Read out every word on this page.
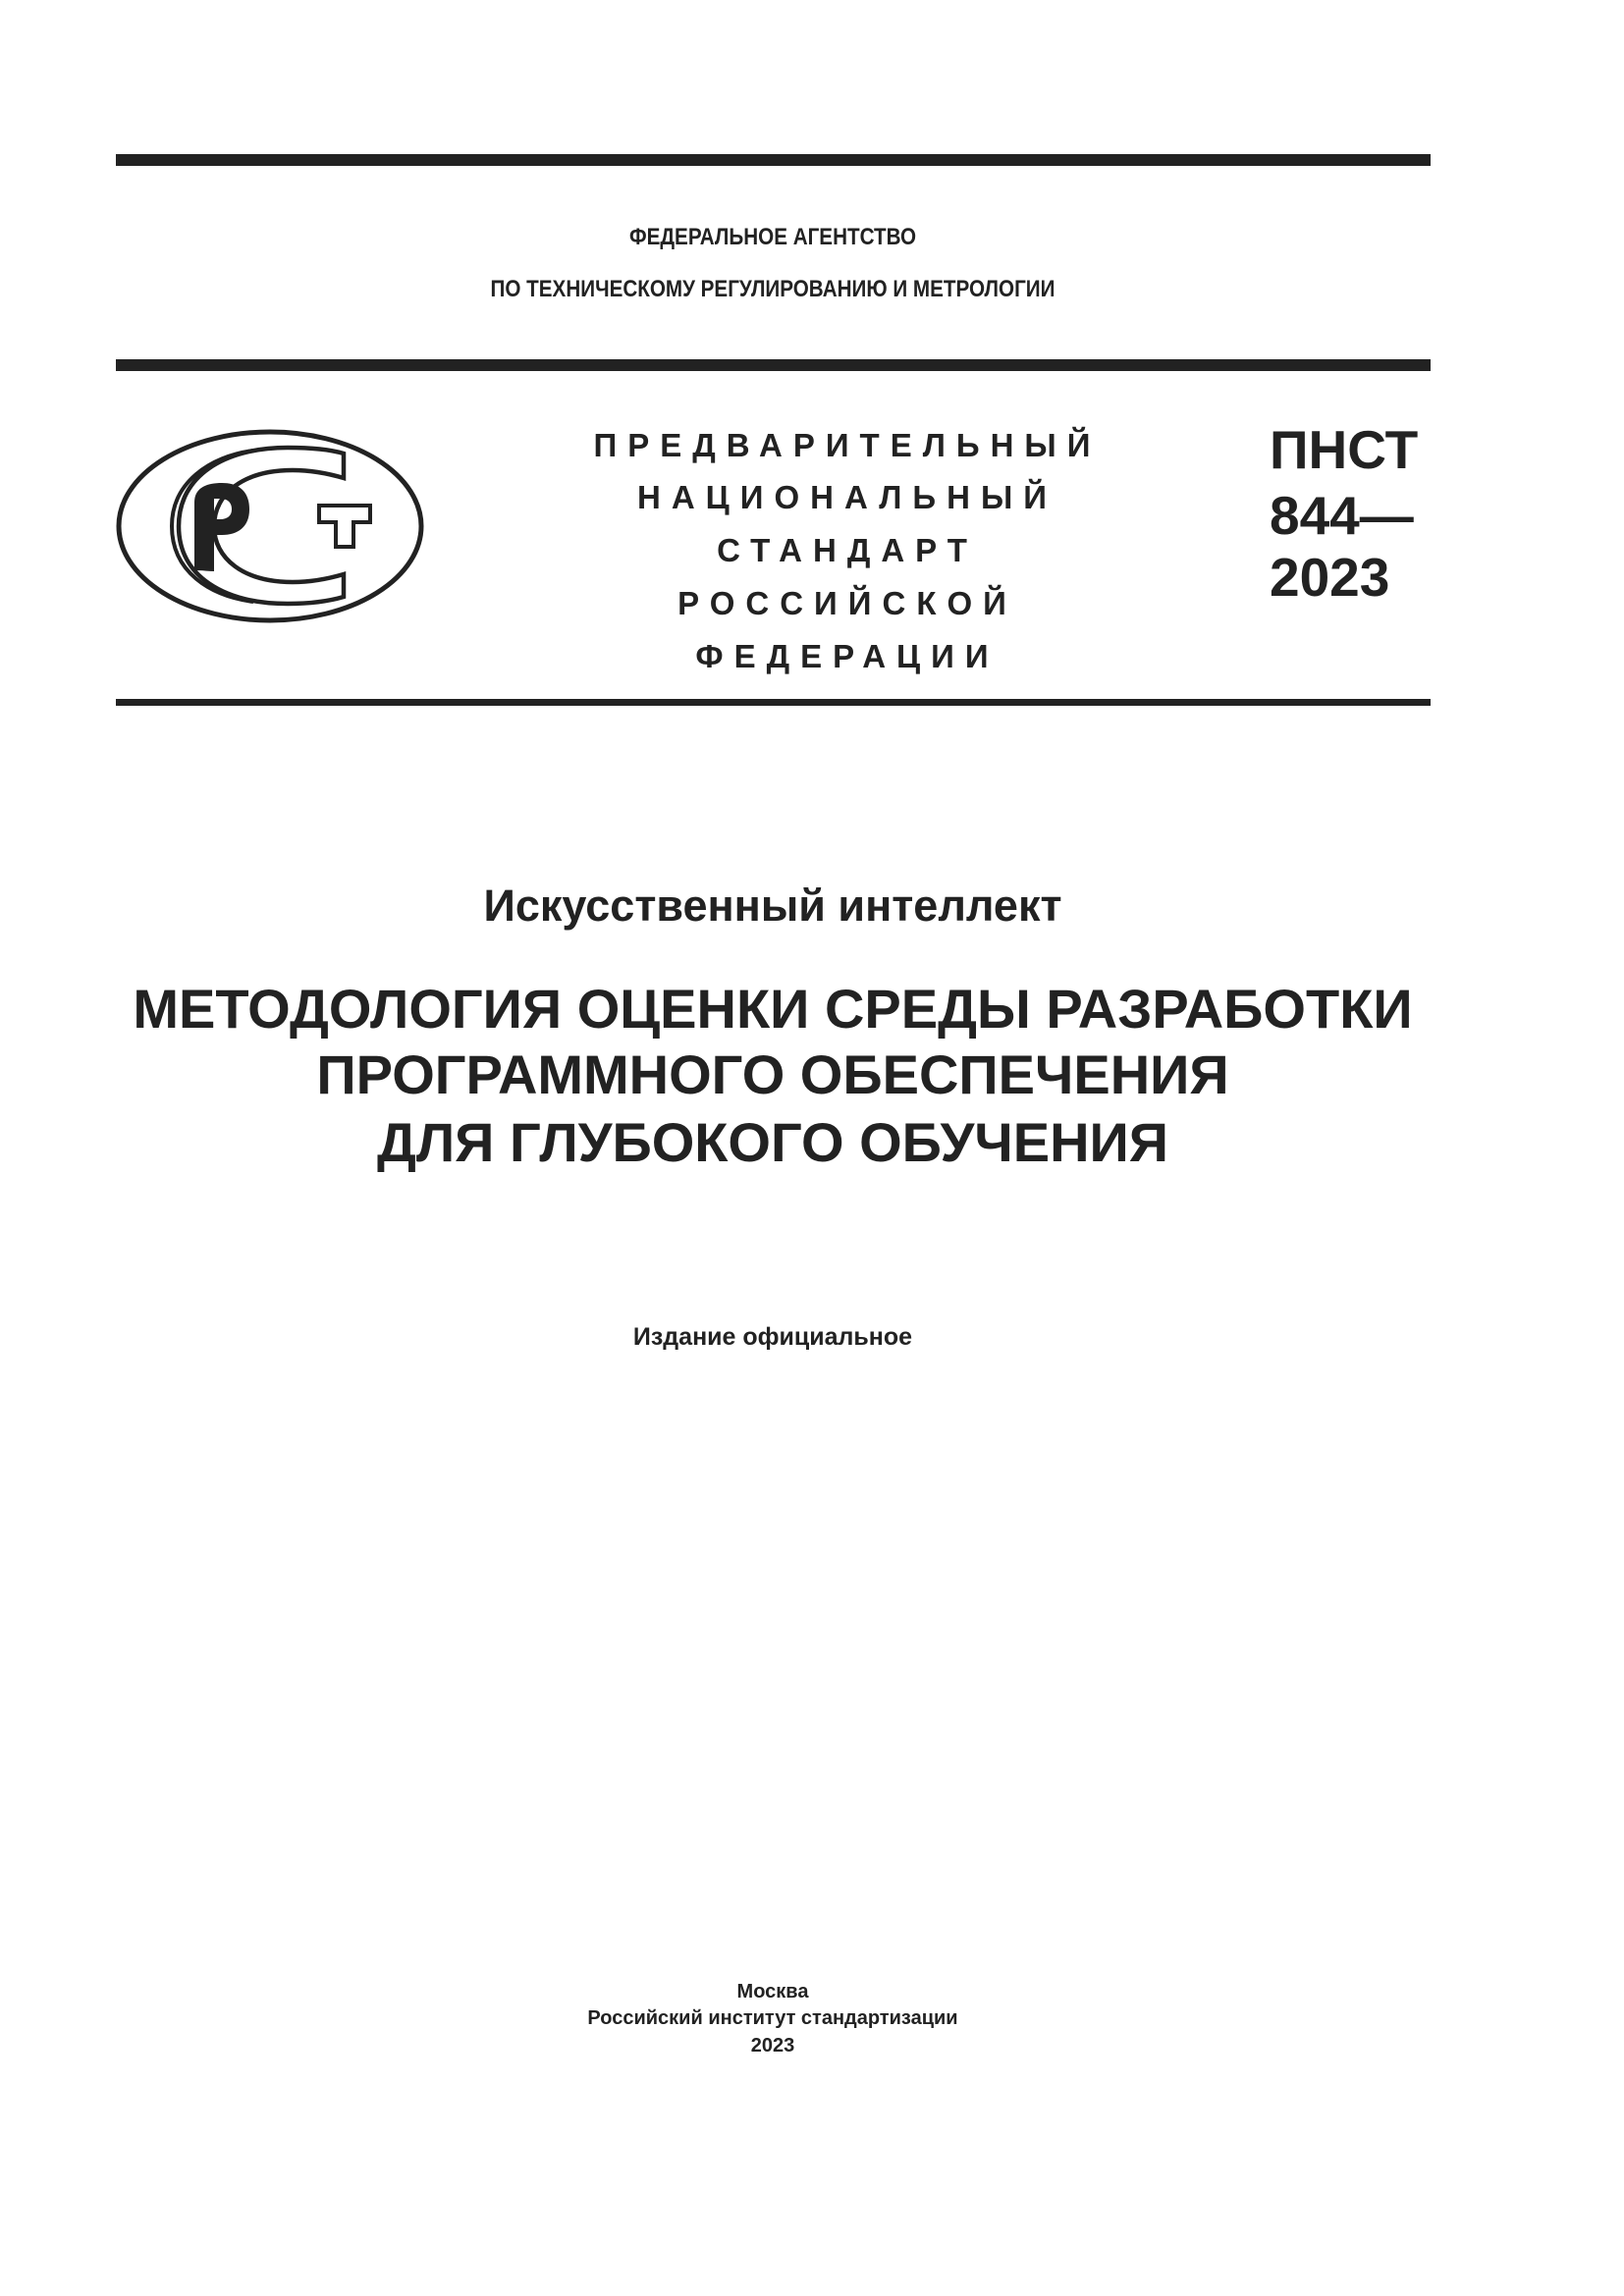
ФЕДЕРАЛЬНОЕ АГЕНТСТВО
ПО ТЕХНИЧЕСКОМУ РЕГУЛИРОВАНИЮ И МЕТРОЛОГИИ
ПРЕДВАРИТЕЛЬНЫЙ
НАЦИОНАЛЬНЫЙ
СТАНДАРТ
РОССИЙСКОЙ
ФЕДЕРАЦИИ
ПНСТ
844—
2023
Искусственный интеллект
МЕТОДОЛОГИЯ ОЦЕНКИ СРЕДЫ РАЗРАБОТКИ
ПРОГРАММНОГО ОБЕСПЕЧЕНИЯ
ДЛЯ ГЛУБОКОГО ОБУЧЕНИЯ
Издание официальное
Москва
Российский институт стандартизации
2023
